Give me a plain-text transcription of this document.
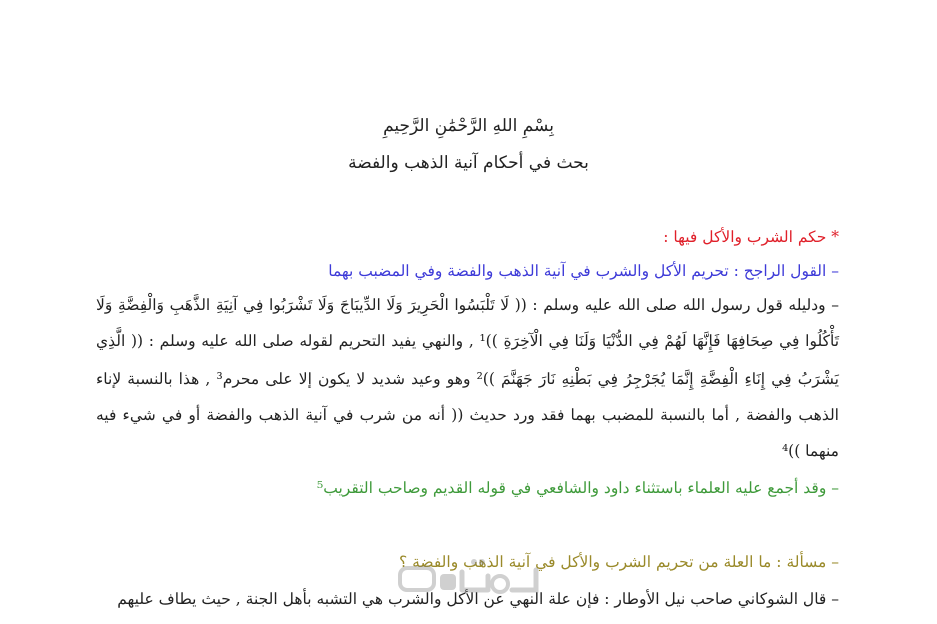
بِسْمِ اللهِ الرَّحْمَٰنِ الرَّحِيمِ
بحث في أحكام آنية الذهب والفضة
* حكم الشرب والأكل فيها :
– القول الراجح : تحريم الأكل والشرب في آنية الذهب والفضة وفي المضبب بهما
– ودليله قول رسول الله صلى الله عليه وسلم : (( لَا تَلْبَسُوا الْحَرِيرَ وَلَا الدِّيبَاجَ وَلَا تَشْرَبُوا فِي آنِيَةِ الذَّهَبِ وَالْفِضَّةِ وَلَا
تَأْكُلُوا فِي صِحَافِهَا فَإِنَّهَا لَهُمْ فِي الدُّنْيَا وَلَنَا فِي الْآخِرَةِ ))¹ , والنهي يفيد التحريم لقوله صلى الله عليه وسلم : (( الَّذِي
يَشْرَبُ فِي إِنَاءِ الْفِضَّةِ إِنَّمَا يُجَرْجِرُ فِي بَطْنِهِ نَارَ جَهَنَّمَ ))² وهو وعيد شديد لا يكون إلا على محرم³ , هذا بالنسبة لإناء
الذهب والفضة , أما بالنسبة للمضبب بهما فقد ورد حديث (( أنه من شرب في آنية الذهب والفضة أو في شيء فيه
منهما ))⁴
– وقد أجمع عليه العلماء باستثناء داود والشافعي في قوله القديم وصاحب التقريب⁵
– مسألة : ما العلة من تحريم الشرب والأكل في آنية الذهب والفضة ؟
– قال الشوكاني صاحب نيل الأوطار : فإن علة النهي عن الأكل والشرب هي التشبه بأهل الجنة , حيث يطاف عليهم
